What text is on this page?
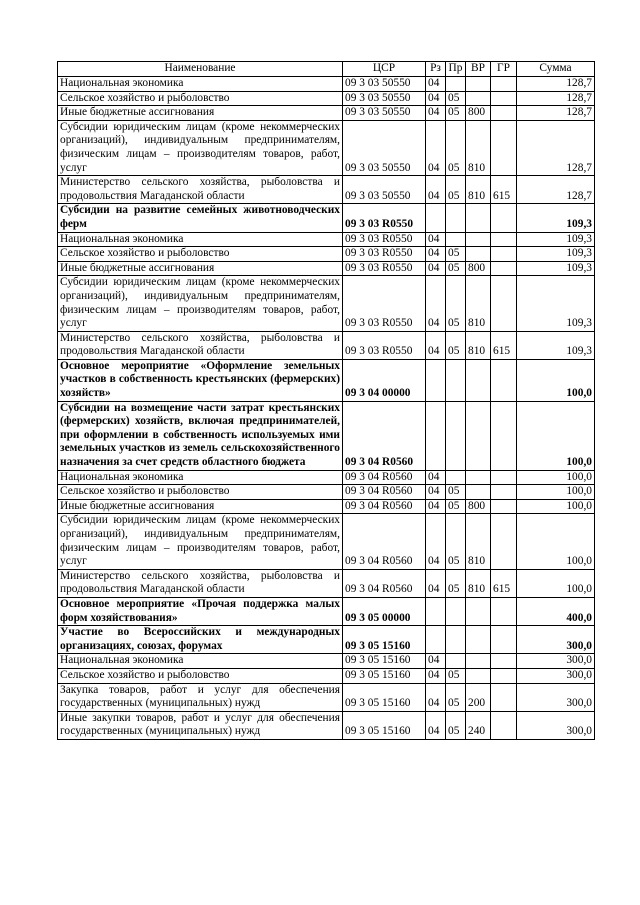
Наименование	ЦСР	Рз	Пр	ВР	ГР	Сумма
Национальная экономика	09 3 03 50550	04				128,7
Сельское хозяйство и рыболовство	09 3 03 50550	04	05			128,7
Иные бюджетные ассигнования	09 3 03 50550	04	05	800		128,7
Субсидии юридическим лицам (кроме некоммерческих организаций), индивидуальным предпринимателям, физическим лицам – производителям товаров, работ, услуг	09 3 03 50550	04	05	810		128,7
Министерство сельского хозяйства, рыболовства и продовольствия Магаданской области	09 3 03 50550	04	05	810	615	128,7
Субсидии на развитие семейных животноводческих ферм	09 3 03 R0550					109,3
Национальная экономика	09 3 03 R0550	04				109,3
Сельское хозяйство и рыболовство	09 3 03 R0550	04	05			109,3
Иные бюджетные ассигнования	09 3 03 R0550	04	05	800		109,3
Субсидии юридическим лицам (кроме некоммерческих организаций), индивидуальным предпринимателям, физическим лицам – производителям товаров, работ, услуг	09 3 03 R0550	04	05	810		109,3
Министерство сельского хозяйства, рыболовства и продовольствия Магаданской области	09 3 03 R0550	04	05	810	615	109,3
Основное мероприятие «Оформление земельных участков в собственность крестьянских (фермерских) хозяйств»	09 3 04 00000					100,0
Субсидии на возмещение части затрат крестьянских (фермерских) хозяйств, включая предпринимателей, при оформлении в собственность используемых ими земельных участков из земель сельскохозяйственного назначения за счет средств областного бюджета	09 3 04 R0560					100,0
Национальная экономика	09 3 04 R0560	04				100,0
Сельское хозяйство и рыболовство	09 3 04 R0560	04	05			100,0
Иные бюджетные ассигнования	09 3 04 R0560	04	05	800		100,0
Субсидии юридическим лицам (кроме некоммерческих организаций), индивидуальным предпринимателям, физическим лицам – производителям товаров, работ, услуг	09 3 04 R0560	04	05	810		100,0
Министерство сельского хозяйства, рыболовства и продовольствия Магаданской области	09 3 04 R0560	04	05	810	615	100,0
Основное мероприятие «Прочая поддержка малых форм хозяйствования»	09 3 05 00000					400,0
Участие во Всероссийских и международных организациях, союзах, форумах	09 3 05 15160					300,0
Национальная экономика	09 3 05 15160	04				300,0
Сельское хозяйство и рыболовство	09 3 05 15160	04	05			300,0
Закупка товаров, работ и услуг для обеспечения государственных (муниципальных) нужд	09 3 05 15160	04	05	200		300,0
Иные закупки товаров, работ и услуг для обеспечения государственных (муниципальных) нужд	09 3 05 15160	04	05	240		300,0
